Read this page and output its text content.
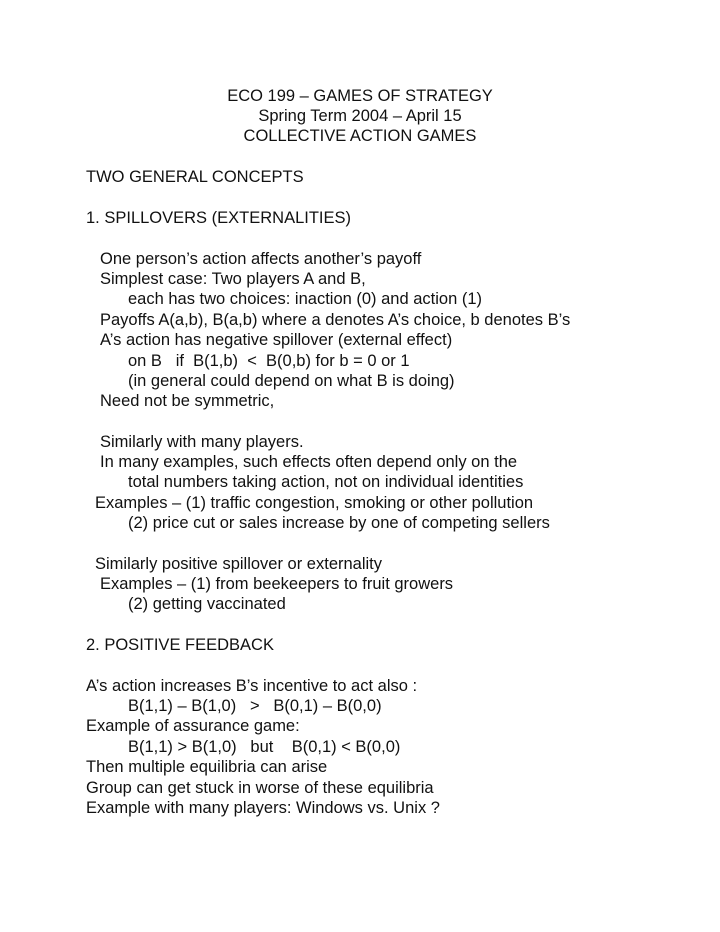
ECO 199 – GAMES OF STRATEGY
Spring Term 2004 – April 15
COLLECTIVE ACTION GAMES
TWO GENERAL CONCEPTS
1. SPILLOVERS (EXTERNALITIES)
One person’s action affects another’s payoff
Simplest case: Two players A and B,
each has two choices: inaction (0) and action (1)
Payoffs A(a,b), B(a,b) where a denotes A’s choice, b denotes B’s
A’s action has negative spillover (external effect)
on B   if  B(1,b)  <  B(0,b) for b = 0 or 1
(in general could depend on what B is doing)
Need not be symmetric,
Similarly with many players.
In many examples, such effects often depend only on the
total numbers taking action, not on individual identities
Examples – (1) traffic congestion, smoking or other pollution
(2) price cut or sales increase by one of competing sellers
Similarly positive spillover or externality
Examples – (1) from beekeepers to fruit growers
(2) getting vaccinated
2. POSITIVE FEEDBACK
A’s action increases B’s incentive to act also :
B(1,1) – B(1,0)   >   B(0,1) – B(0,0)
Example of assurance game:
B(1,1) > B(1,0)   but    B(0,1) < B(0,0)
Then multiple equilibria can arise
Group can get stuck in worse of these equilibria
Example with many players: Windows vs. Unix ?
